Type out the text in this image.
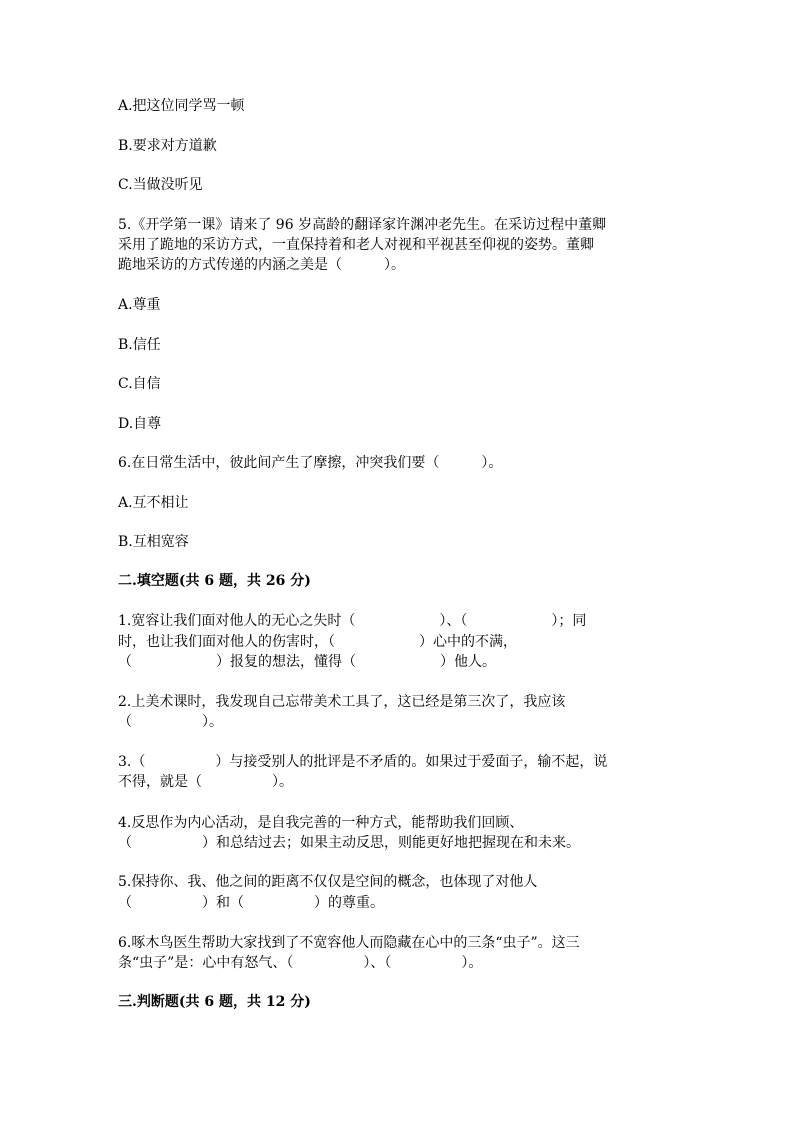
A.把这位同学骂一顿
B.要求对方道歉
C.当做没听见
5.《开学第一课》请来了 96 岁高龄的翻译家许渊冲老先生。在采访过程中董卿
采用了跪地的采访方式，一直保持着和老人对视和平视甚至仰视的姿势。董卿
跪地采访的方式传递的内涵之美是（　　　）。
A.尊重
B.信任
C.自信
D.自尊
6.在日常生活中，彼此间产生了摩擦，冲突我们要（　　　）。
A.互不相让
B.互相宽容
二.填空题(共 6 题，共 26 分)
1.宽容让我们面对他人的无心之失时（　　　　　　）、（　　　　　　）；同
时，也让我们面对他人的伤害时，（　　　　　　）心中的不满，
（　　　　　　）报复的想法，懂得（　　　　　　）他人。
2.上美术课时，我发现自己忘带美术工具了，这已经是第三次了，我应该
（　　　　　）。
3.（　　　　　）与接受别人的批评是不矛盾的。如果过于爱面子，输不起，说
不得，就是（　　　　　）。
4.反思作为内心活动，是自我完善的一种方式，能帮助我们回顾、
（　　　　　）和总结过去；如果主动反思，则能更好地把握现在和未来。
5.保持你、我、他之间的距离不仅仅是空间的概念，也体现了对他人
（　　　　　）和（　　　　　）的尊重。
6.啄木鸟医生帮助大家找到了不宽容他人而隐藏在心中的三条“虫子”。这三
条“虫子”是：心中有怒气、（　　　　　）、（　　　　　）。
三.判断题(共 6 题，共 12 分)
